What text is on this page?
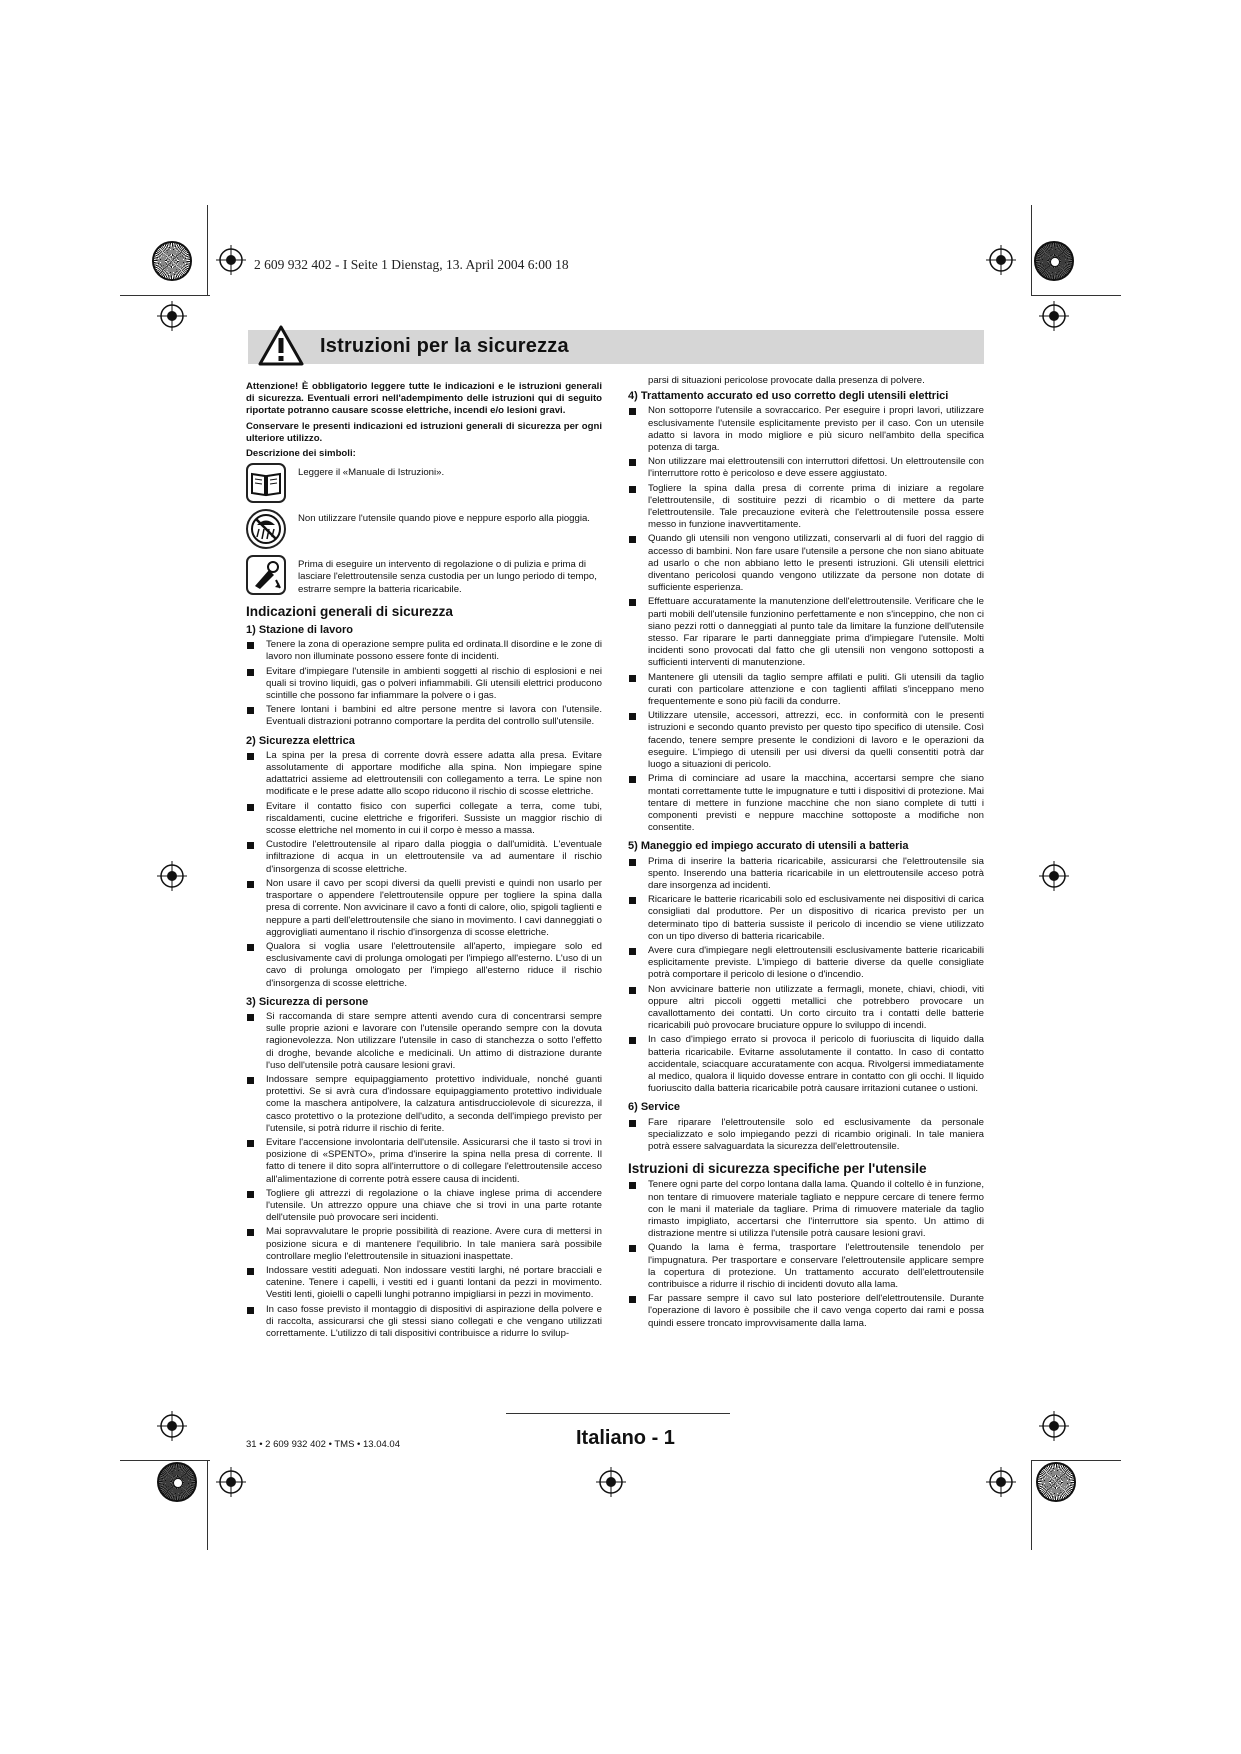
2 609 932 402 - I Seite 1 Dienstag, 13. April 2004 6:00 18
Istruzioni per la sicurezza

Attenzione! È obbligatorio leggere tutte le indicazioni e le istruzioni generali di sicurezza. Eventuali errori nell'adempimento delle istruzioni qui di seguito riportate potranno causare scosse elettriche, incendi e/o lesioni gravi.

Conservare le presenti indicazioni ed istruzioni generali di sicurezza per ogni ulteriore utilizzo.

Descrizione dei simboli:

Leggere il «Manuale di Istruzioni».
Non utilizzare l'utensile quando piove e neppure esporlo alla pioggia.
Prima di eseguire un intervento di regolazione o di pulizia e prima di lasciare l'elettroutensile senza custodia per un lungo periodo di tempo, estrarre sempre la batteria ricaricabile.
Indicazioni generali di sicurezza
1) Stazione di lavoro
Tenere la zona di operazione sempre pulita ed ordinata.Il disordine e le zone di lavoro non illuminate possono essere fonte di incidenti.
Evitare d'impiegare l'utensile in ambienti soggetti al rischio di esplosioni e nei quali si trovino liquidi, gas o polveri infiammabili. Gli utensili elettrici producono scintille che possono far infiammare la polvere o i gas.
Tenere lontani i bambini ed altre persone mentre si lavora con l'utensile. Eventuali distrazioni potranno comportare la perdita del controllo sull'utensile.
2) Sicurezza elettrica
La spina per la presa di corrente dovrà essere adatta alla presa. Evitare assolutamente di apportare modifiche alla spina. Non impiegare spine adattatrici assieme ad elettroutensili con collegamento a terra. Le spine non modificate e le prese adatte allo scopo riducono il rischio di scosse elettriche.
Evitare il contatto fisico con superfici collegate a terra, come tubi, riscaldamenti, cucine elettriche e frigoriferi. Sussiste un maggior rischio di scosse elettriche nel momento in cui il corpo è messo a massa.
Custodire l'elettroutensile al riparo dalla pioggia o dall'umidità. L'eventuale infiltrazione di acqua in un elettroutensile va ad aumentare il rischio d'insorgenza di scosse elettriche.
Non usare il cavo per scopi diversi da quelli previsti e quindi non usarlo per trasportare o appendere l'elettroutensile oppure per togliere la spina dalla presa di corrente. Non avvicinare il cavo a fonti di calore, olio, spigoli taglienti e neppure a parti dell'elettroutensile che siano in movimento. I cavi danneggiati o aggrovigliati aumentano il rischio d'insorgenza di scosse elettriche.
Qualora si voglia usare l'elettroutensile all'aperto, impiegare solo ed esclusivamente cavi di prolunga omologati per l'impiego all'esterno. L'uso di un cavo di prolunga omologato per l'impiego all'esterno riduce il rischio d'insorgenza di scosse elettriche.
3) Sicurezza di persone
Si raccomanda di stare sempre attenti avendo cura di concentrarsi sempre sulle proprie azioni e lavorare con l'utensile operando sempre con la dovuta ragionevolezza. Non utilizzare l'utensile in caso di stanchezza o sotto l'effetto di droghe, bevande alcoliche e medicinali. Un attimo di distrazione durante l'uso dell'utensile potrà causare lesioni gravi.
Indossare sempre equipaggiamento protettivo individuale, nonché guanti protettivi. Se si avrà cura d'indossare equipaggiamento protettivo individuale come la maschera antipolvere, la calzatura antisdrucciolevole di sicurezza, il casco protettivo o la protezione dell'udito, a seconda dell'impiego previsto per l'utensile, si potrà ridurre il rischio di ferite.
Evitare l'accensione involontaria dell'utensile. Assicurarsi che il tasto si trovi in posizione di «SPENTO», prima d'inserire la spina nella presa di corrente. Il fatto di tenere il dito sopra all'interruttore o di collegare l'elettroutensile acceso all'alimentazione di corrente potrà essere causa di incidenti.
Togliere gli attrezzi di regolazione o la chiave inglese prima di accendere l'utensile. Un attrezzo oppure una chiave che si trovi in una parte rotante dell'utensile può provocare seri incidenti.
Mai sopravvalutare le proprie possibilità di reazione. Avere cura di mettersi in posizione sicura e di mantenere l'equilibrio. In tale maniera sarà possibile controllare meglio l'elettroutensile in situazioni inaspettate.
Indossare vestiti adeguati. Non indossare vestiti larghi, né portare bracciali e catenine. Tenere i capelli, i vestiti ed i guanti lontani da pezzi in movimento. Vestiti lenti, gioielli o capelli lunghi potranno impigliarsi in pezzi in movimento.
In caso fosse previsto il montaggio di dispositivi di aspirazione della polvere e di raccolta, assicurarsi che gli stessi siano collegati e che vengano utilizzati correttamente. L'utilizzo di tali dispositivi contribuisce a ridurre lo svilup-

parsi di situazioni pericolose provocate dalla presenza di polvere.

4) Trattamento accurato ed uso corretto degli utensili elettrici
Non sottoporre l'utensile a sovraccarico. Per eseguire i propri lavori, utilizzare esclusivamente l'utensile esplicitamente previsto per il caso. Con un utensile adatto si lavora in modo migliore e più sicuro nell'ambito della specifica potenza di targa.
Non utilizzare mai elettroutensili con interruttori difettosi. Un elettroutensile con l'interruttore rotto è pericoloso e deve essere aggiustato.
Togliere la spina dalla presa di corrente prima di iniziare a regolare l'elettroutensile, di sostituire pezzi di ricambio o di mettere da parte l'elettroutensile. Tale precauzione eviterà che l'elettroutensile possa essere messo in funzione inavvertitamente.
Quando gli utensili non vengono utilizzati, conservarli al di fuori del raggio di accesso di bambini. Non fare usare l'utensile a persone che non siano abituate ad usarlo o che non abbiano letto le presenti istruzioni. Gli utensili elettrici diventano pericolosi quando vengono utilizzate da persone non dotate di sufficiente esperienza.
Effettuare accuratamente la manutenzione dell'elettroutensile. Verificare che le parti mobili dell'utensile funzionino perfettamente e non s'inceppino, che non ci siano pezzi rotti o danneggiati al punto tale da limitare la funzione dell'utensile stesso. Far riparare le parti danneggiate prima d'impiegare l'utensile. Molti incidenti sono provocati dal fatto che gli utensili non vengono sottoposti a sufficienti interventi di manutenzione.
Mantenere gli utensili da taglio sempre affilati e puliti. Gli utensili da taglio curati con particolare attenzione e con taglienti affilati s'inceppano meno frequentemente e sono più facili da condurre.
Utilizzare utensile, accessori, attrezzi, ecc. in conformità con le presenti istruzioni e secondo quanto previsto per questo tipo specifico di utensile. Così facendo, tenere sempre presente le condizioni di lavoro e le operazioni da eseguire. L'impiego di utensili per usi diversi da quelli consentiti potrà dar luogo a situazioni di pericolo.
Prima di cominciare ad usare la macchina, accertarsi sempre che siano montati correttamente tutte le impugnature e tutti i dispositivi di protezione. Mai tentare di mettere in funzione macchine che non siano complete di tutti i componenti previsti e neppure macchine sottoposte a modifiche non consentite.
5) Maneggio ed impiego accurato di utensili a batteria
Prima di inserire la batteria ricaricabile, assicurarsi che l'elettroutensile sia spento. Inserendo una batteria ricaricabile in un elettroutensile acceso potrà dare insorgenza ad incidenti.
Ricaricare le batterie ricaricabili solo ed esclusivamente nei dispositivi di carica consigliati dal produttore. Per un dispositivo di ricarica previsto per un determinato tipo di batteria sussiste il pericolo di incendio se viene utilizzato con un tipo diverso di batteria ricaricabile.
Avere cura d'impiegare negli elettroutensili esclusivamente batterie ricaricabili esplicitamente previste. L'impiego di batterie diverse da quelle consigliate potrà comportare il pericolo di lesione o d'incendio.
Non avvicinare batterie non utilizzate a fermagli, monete, chiavi, chiodi, viti oppure altri piccoli oggetti metallici che potrebbero provocare un cavallottamento dei contatti. Un corto circuito tra i contatti delle batterie ricaricabili può provocare bruciature oppure lo sviluppo di incendi.
In caso d'impiego errato si provoca il pericolo di fuoriuscita di liquido dalla batteria ricaricabile. Evitarne assolutamente il contatto. In caso di contatto accidentale, sciacquare accuratamente con acqua. Rivolgersi immediatamente al medico, qualora il liquido dovesse entrare in contatto con gli occhi. Il liquido fuoriuscito dalla batteria ricaricabile potrà causare irritazioni cutanee o ustioni.
6) Service
Fare riparare l'elettroutensile solo ed esclusivamente da personale specializzato e solo impiegando pezzi di ricambio originali. In tale maniera potrà essere salvaguardata la sicurezza dell'elettroutensile.
Istruzioni di sicurezza specifiche per l'utensile
Tenere ogni parte del corpo lontana dalla lama. Quando il coltello è in funzione, non tentare di rimuovere materiale tagliato e neppure cercare di tenere fermo con le mani il materiale da tagliare. Prima di rimuovere materiale da taglio rimasto impigliato, accertarsi che l'interruttore sia spento. Un attimo di distrazione mentre si utilizza l'utensile potrà causare lesioni gravi.
Quando la lama è ferma, trasportare l'elettroutensile tenendolo per l'impugnatura. Per trasportare e conservare l'elettroutensile applicare sempre la copertura di protezione. Un trattamento accurato dell'elettroutensile contribuisce a ridurre il rischio di incidenti dovuto alla lama.
Far passare sempre il cavo sul lato posteriore dell'elettroutensile. Durante l'operazione di lavoro è possibile che il cavo venga coperto dai rami e possa quindi essere troncato improvvisamente dalla lama.
31 • 2 609 932 402 • TMS • 13.04.04	Italiano - 1
